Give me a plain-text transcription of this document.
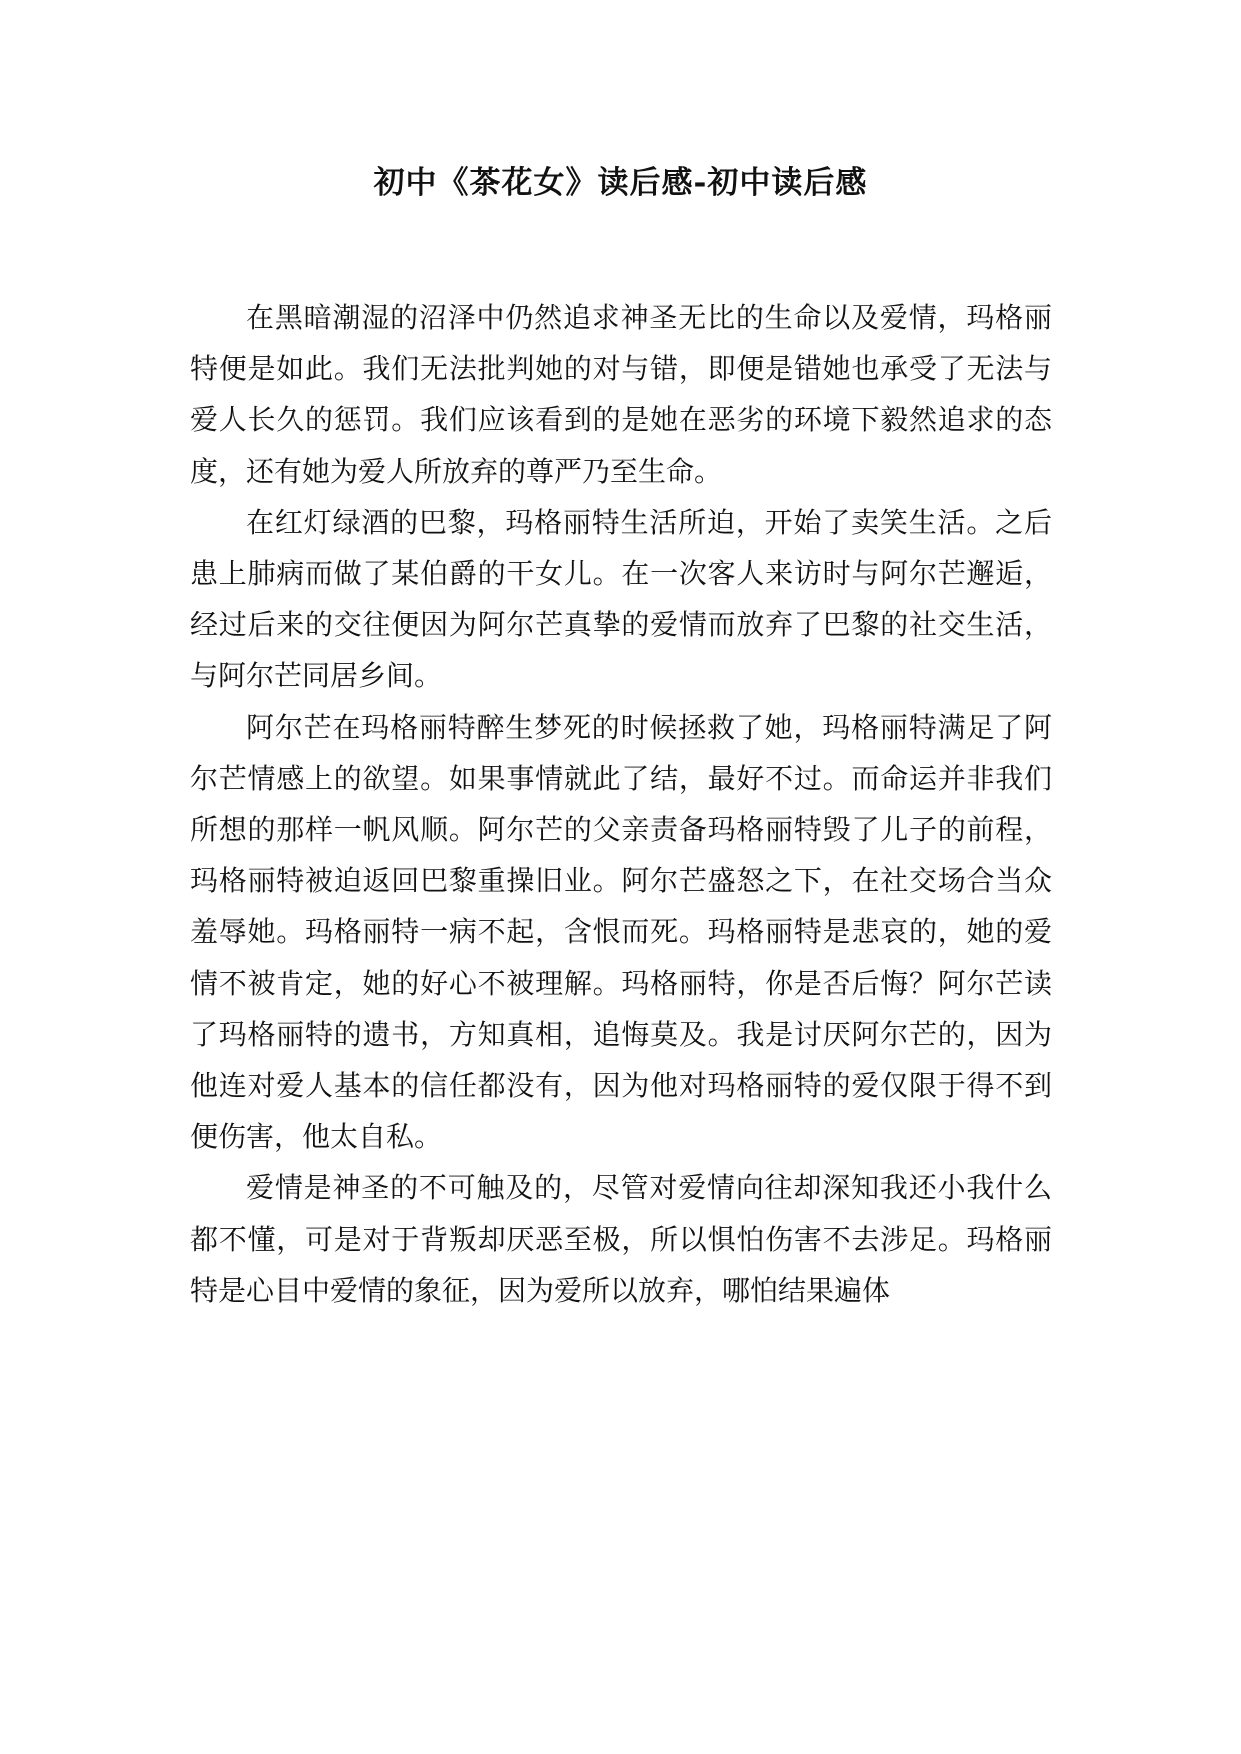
初中《茶花女》读后感-初中读后感

在黑暗潮湿的沼泽中仍然追求神圣无比的生命以及爱情，玛格丽特便是如此。我们无法批判她的对与错，即便是错她也承受了无法与爱人长久的惩罚。我们应该看到的是她在恶劣的环境下毅然追求的态度，还有她为爱人所放弃的尊严乃至生命。

在红灯绿酒的巴黎，玛格丽特生活所迫，开始了卖笑生活。之后患上肺病而做了某伯爵的干女儿。在一次客人来访时与阿尔芒邂逅，经过后来的交往便因为阿尔芒真挚的爱情而放弃了巴黎的社交生活，与阿尔芒同居乡间。

阿尔芒在玛格丽特醉生梦死的时候拯救了她，玛格丽特满足了阿尔芒情感上的欲望。如果事情就此了结，最好不过。而命运并非我们所想的那样一帆风顺。阿尔芒的父亲责备玛格丽特毁了儿子的前程，玛格丽特被迫返回巴黎重操旧业。阿尔芒盛怒之下，在社交场合当众羞辱她。玛格丽特一病不起，含恨而死。玛格丽特是悲哀的，她的爱情不被肯定，她的好心不被理解。玛格丽特，你是否后悔？阿尔芒读了玛格丽特的遗书，方知真相，追悔莫及。我是讨厌阿尔芒的，因为他连对爱人基本的信任都没有，因为他对玛格丽特的爱仅限于得不到便伤害，他太自私。

爱情是神圣的不可触及的，尽管对爱情向往却深知我还小我什么都不懂，可是对于背叛却厌恶至极，所以惧怕伤害不去涉足。玛格丽特是心目中爱情的象征，因为爱所以放弃，哪怕结果遍体
